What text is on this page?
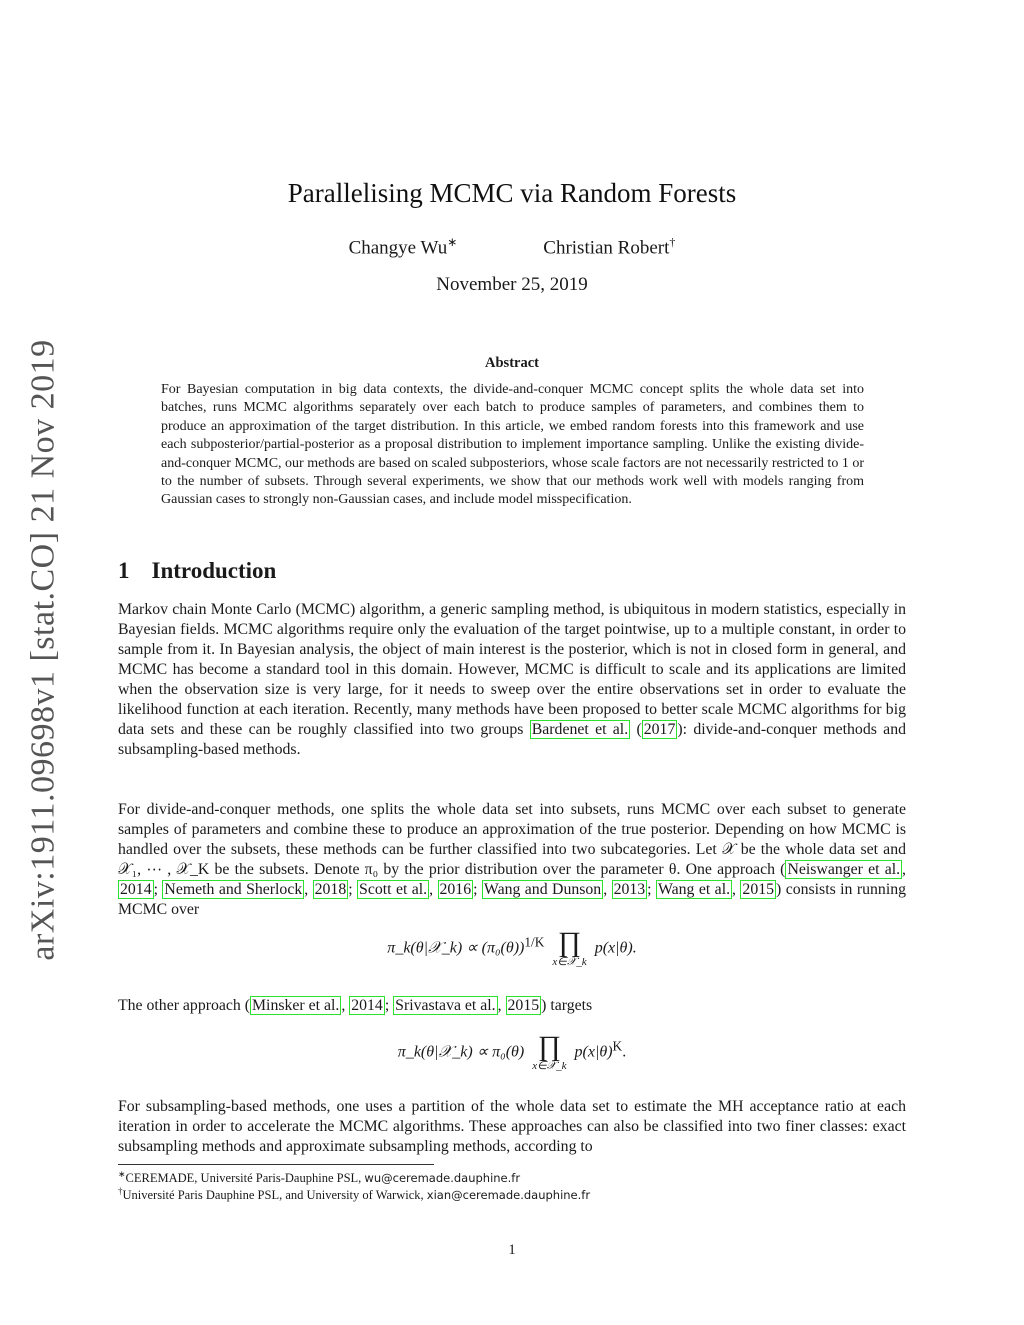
arXiv:1911.09698v1 [stat.CO] 21 Nov 2019
Parallelising MCMC via Random Forests
Changye Wu∗	Christian Robert†
November 25, 2019
Abstract

For Bayesian computation in big data contexts, the divide-and-conquer MCMC concept splits the whole data set into batches, runs MCMC algorithms separately over each batch to produce samples of parameters, and combines them to produce an approximation of the target distribution. In this article, we embed random forests into this framework and use each subposterior/partial-posterior as a proposal distribution to implement importance sampling. Unlike the existing divide-and-conquer MCMC, our methods are based on scaled subposteriors, whose scale factors are not necessarily restricted to 1 or to the number of subsets. Through several experiments, we show that our methods work well with models ranging from Gaussian cases to strongly non-Gaussian cases, and include model misspecification.

1 Introduction

Markov chain Monte Carlo (MCMC) algorithm, a generic sampling method, is ubiquitous in modern statistics, especially in Bayesian fields. MCMC algorithms require only the evaluation of the target pointwise, up to a multiple constant, in order to sample from it. In Bayesian analysis, the object of main interest is the posterior, which is not in closed form in general, and MCMC has become a standard tool in this domain. However, MCMC is difficult to scale and its applications are limited when the observation size is very large, for it needs to sweep over the entire observations set in order to evaluate the likelihood function at each iteration. Recently, many methods have been proposed to better scale MCMC algorithms for big data sets and these can be roughly classified into two groups Bardenet et al. ( 2017 ): divide-and-conquer methods and subsampling-based methods.

For divide-and-conquer methods, one splits the whole data set into subsets, runs MCMC over each subset to generate samples of parameters and combine these to produce an approximation of the true posterior. Depending on how MCMC is handled over the subsets, these methods can be further classified into two subcategories. Let 𝒳 be the whole data set and 𝒳₁, ⋯ , 𝒳_K be the subsets. Denote π₀ by the prior distribution over the parameter θ. One approach ( Neiswanger et al. , 2014 ; Nemeth and Sherlock , 2018 ; Scott et al. , 2016 ; Wang and Dunson , 2013 ; Wang et al. , 2015 ) consists in running MCMC over

π_k(θ|𝒳_k) ∝ $(\pi_0(\theta))^{1/K}$ ∏
x∈𝒳_k
p(x|θ).

The other approach ( Minsker et al. , 2014 ; Srivastava et al. , 2015 ) targets

π_k(θ|𝒳_k) ∝ π₀(θ) ∏
x∈𝒳_k
$p(x|\theta)^K$.

For subsampling-based methods, one uses a partition of the whole data set to estimate the MH acceptance ratio at each iteration in order to accelerate the MCMC algorithms. These approaches can also be classified into two finer classes: exact subsampling methods and approximate subsampling methods, according to

∗CEREMADE, Université Paris-Dauphine PSL, wu@ceremade.dauphine.fr
†Université Paris Dauphine PSL, and University of Warwick, xian@ceremade.dauphine.fr
1
